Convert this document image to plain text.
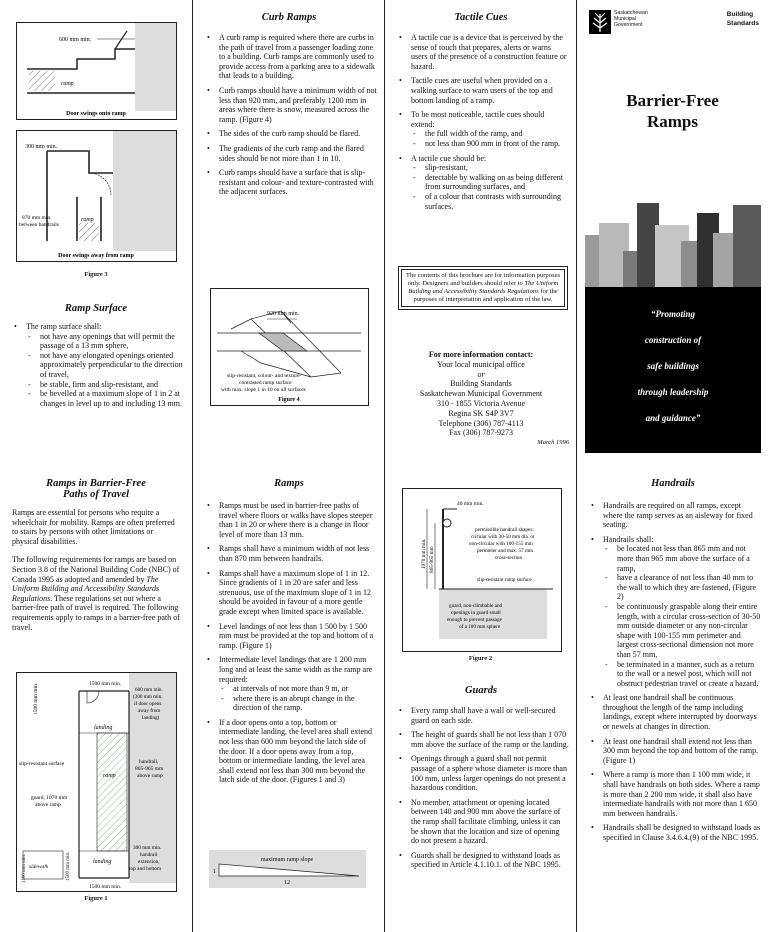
600 mm min.
ramp
Door swings onto ramp
300 mm min.
ramp
870 mm min. between handrails
Door swings away from ramp
Figure 3

Ramp Surface

• The ramp surface shall:
- not have any openings that will permit the passage of a 13 mm sphere,
- not have any elongated openings oriented approximately perpendicular to the direction of travel,
- be stable, firm and slip-resistant, and
- be bevelled at a maximum slope of 1 in 2 at changes in level up to and including 13 mm.

Ramps in Barrier-Free

Paths of Travel

Ramps are essential for persons who require a wheelchair for mobility. Ramps are often preferred to stairs by persons with other limitations or physical disabilities.

The following requirements for ramps are based on Section 3.8 of the National Building Code (NBC) of Canada 1995 as adopted and amended by The Uniform Building and Accessibility Standards Regulations. These regulations set out where a barrier-free path of travel is required. The following requirements apply to ramps in a barrier-free path of travel.

1500 mm min.
600 mm min. (300 mm min. if door opens away from landing)
landing
ramp
1500 mm min.
slip-resistant surface	handrail, 865-965 mm above ramp
guard, 1070 mm above ramp
300 mm min. handrail extension, top and bottom
sidewalk
landing
1100 mm min.	1500 mm min.
1500 mm min.
Figure 1

Curb Ramps

• A curb ramp is required where there are curbs in the path of travel from a passenger loading zone to a building. Curb ramps are commonly used to provide access from a parking area to a sidewalk that leads to a building.
• Curb ramps should have a minimum width of not less than 920 mm, and preferably 1200 mm in areas where there is snow, measured across the ramp. (Figure 4)
• The sides of the curb ramp should be flared.
• The gradients of the curb ramp and the flared sides should be not more than 1 in 10.
• Curb ramps should have a surface that is slip-resistant and colour- and texture-contrasted with the adjacent surfaces.
920 mm min.
slip-resistant, colour- and texture-contrasted ramp surface with max. slope 1 in 10 on all surfaces
Figure 4

Ramps

• Ramps must be used in barrier-free paths of travel where floors or walks have slopes steeper than 1 in 20 or where there is a change in floor level of more than 13 mm.
• Ramps shall have a minimum width of not less than 870 mm between handrails.
• Ramps shall have a maximum slope of 1 in 12. Since gradients of 1 in 20 are safer and less strenuous, use of the maximum slope of 1 in 12 should be avoided in favour of a more gentle grade except when limited space is available.
• Level landings of not less than 1 500 by 1 500 mm must be provided at the top and bottom of a ramp. (Figure 1)
• Intermediate level landings that are 1 200 mm long and at least the same width as the ramp are required:
- at intervals of not more than 9 m, or
- where there is an abrupt change in the direction of the ramp.
• If a door opens onto a top, bottom or intermediate landing, the level area shall extend not less than 600 mm beyond the latch side of the door. If a door opens away from a top, bottom or intermediate landing, the level area shall extend not less than 300 mm beyond the latch side of the door. (Figures 1 and 3)
maximum ramp slope
1
12

Tactile Cues

• A tactile cue is a device that is perceived by the sense of touch that prepares, alerts or warns users of the presence of a construction feature or hazard.
• Tactile cues are useful when provided on a walking surface to warn users of the top and bottom landing of a ramp.
• To be most noticeable, tactile cues should extend:
- the full width of the ramp, and
- not less than 900 mm in front of the ramp.
• A tactile cue should be:
- slip-resistant,
- detectable by walking on as being different from surrounding surfaces, and
- of a colour that contrasts with surrounding surfaces.
The contents of this brochure are for information purposes only. Designers and builders should refer to The Uniform Building and Accessibility Standards Regulations for the purposes of interpretation and application of the law.
For more information contact:
Your local municipal office
or
Building Standards
Saskatchewan Municipal Government
310 - 1855 Victoria Avenue
Regina SK S4P 3V7
Telephone (306) 787-4113
Fax (306) 787-9273
March 1996
40 mm min.
permissible handrail shapes: circular with 30-50 mm dia. or non-circular with 100-155 mm perimeter and max. 57 mm cross-section
1070 mm min. 865-965 mm
slip-resistant ramp surface
guard, non-climbable and openings in guard small enough to prevent passage of a 100 mm sphere
Figure 2

Guards

• Every ramp shall have a wall or well-secured guard on each side.
• The height of guards shall be not less than 1 070 mm above the surface of the ramp or the landing.
• Openings through a guard shall not permit passage of a sphere whose diameter is more than 100 mm, unless larger openings do not present a hazardous condition.
• No member, attachment or opening located between 140 and 900 mm above the surface of the ramp shall facilitate climbing, unless it can be shown that the location and size of opening do not present a hazard.
• Guards shall be designed to withstand loads as specified in Article 4.1.10.1. of the NBC 1995.
Saskatchewan
Municipal
Government
Building
Standards
Barrier-Free
Ramps
“Promoting
construction of
safe buildings
through leadership
and guidance”

Handrails

• Handrails are required on all ramps, except where the ramp serves as an aisleway for fixed seating.
• Handrails shall:
- be located not less than 865 mm and not more than 965 mm above the surface of a ramp,
- have a clearance of not less than 40 mm to the wall to which they are fastened, (Figure 2)
- be continuously graspable along their entire length, with a circular cross-section of 30-50 mm outside diameter or any non-circular shape with 100-155 mm perimeter and largest cross-sectional dimension not more than 57 mm,
- be terminated in a manner, such as a return to the wall or a newel post, which will not obstruct pedestrian travel or create a hazard.
• At least one handrail shall be continuous throughout the length of the ramp including landings, except where interrupted by doorways or newels at changes in direction.
• At least one handrail shall extend not less than 300 mm beyond the top and bottom of the ramp. (Figure 1)
• Where a ramp is more than 1 100 mm wide, it shall have handrails on both sides. Where a ramp is more than 2 200 mm wide, it shall also have intermediate handrails with not more than 1 650 mm between handrails.
• Handrails shall be designed to withstand loads as specified in Clause 3.4.6.4.(9) of the NBC 1995.
